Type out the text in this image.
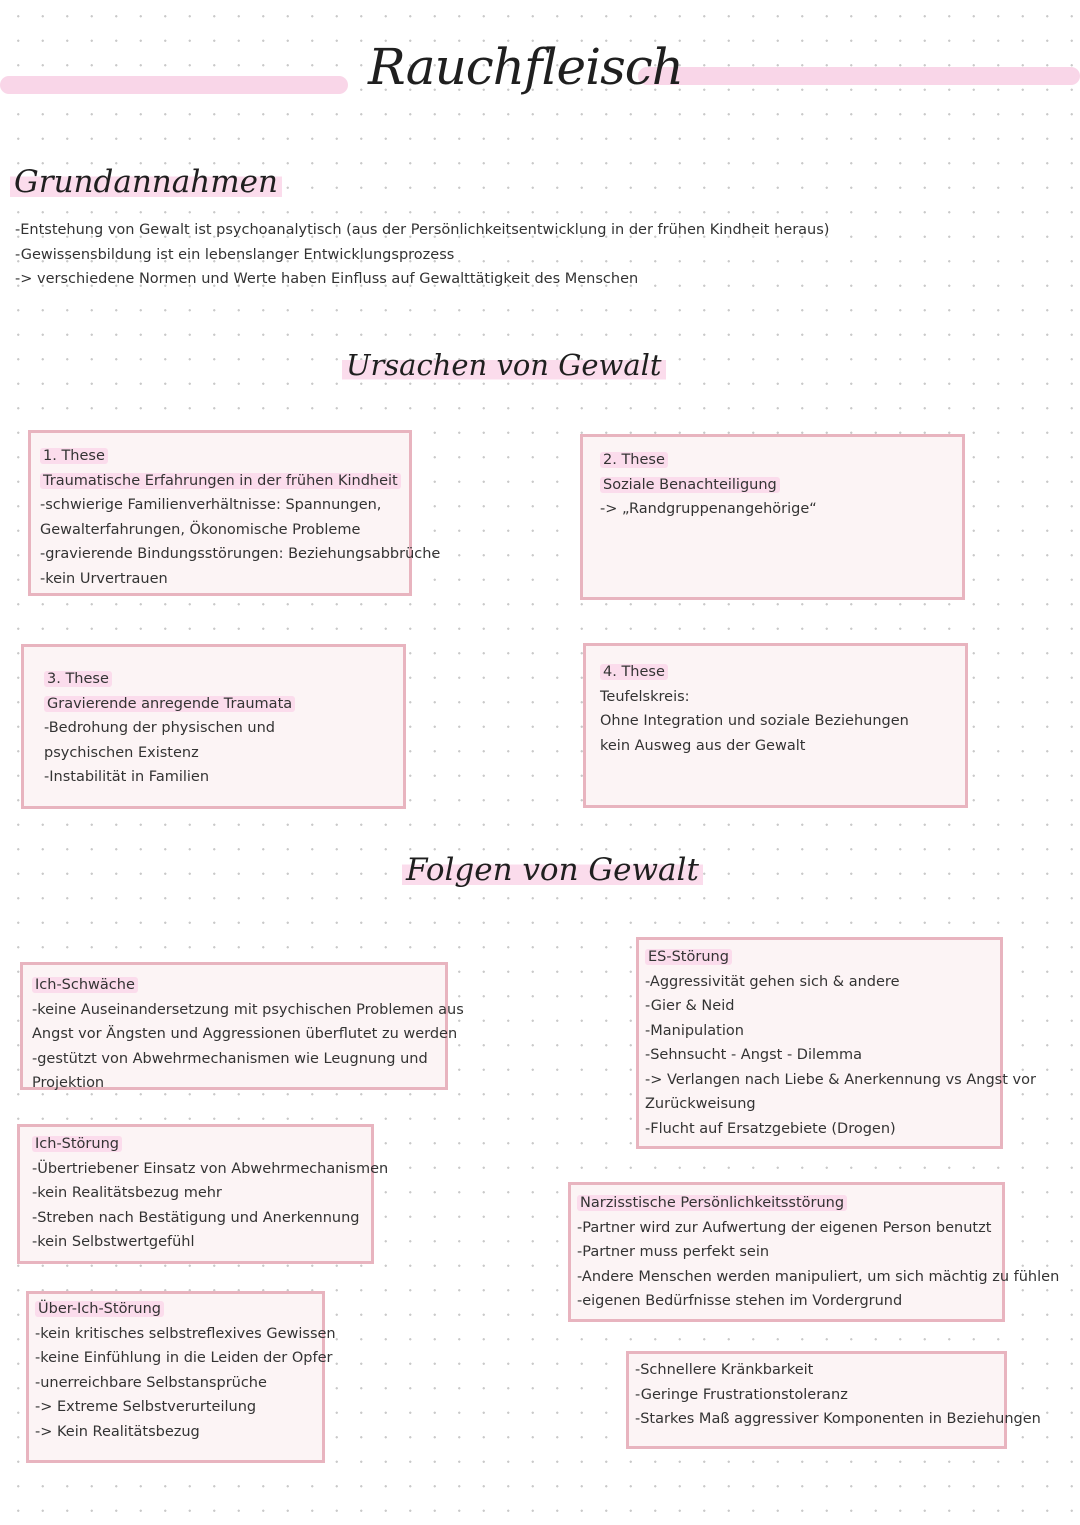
Rauchfleisch
Grundannahmen

-Entstehung von Gewalt ist psychoanalytisch (aus der Persönlichkeitsentwicklung in der frühen Kindheit heraus)

-Gewissensbildung ist ein lebenslanger Entwicklungsprozess

-> verschiedene Normen und Werte haben Einfluss auf Gewalttätigkeit des Menschen

Ursachen von Gewalt

1. These

Traumatische Erfahrungen in der frühen Kindheit

-schwierige Familienverhältnisse: Spannungen,

Gewalterfahrungen, Ökonomische Probleme

-gravierende Bindungsstörungen: Beziehungsabbrüche

-kein Urvertrauen

2. These

Soziale Benachteiligung

-> „Randgruppenangehörige“

3. These

Gravierende anregende Traumata

-Bedrohung der physischen und

psychischen Existenz

-Instabilität in Familien

4. These

Teufelskreis:

Ohne Integration und soziale Beziehungen

kein Ausweg aus der Gewalt

Folgen von Gewalt

Ich-Schwäche

-keine Auseinandersetzung mit psychischen Problemen aus

Angst vor Ängsten und Aggressionen überflutet zu werden

-gestützt von Abwehrmechanismen wie Leugnung und

Projektion

ES-Störung

-Aggressivität gehen sich & andere

-Gier & Neid

-Manipulation

-Sehnsucht - Angst - Dilemma

-> Verlangen nach Liebe & Anerkennung vs Angst vor

Zurückweisung

-Flucht auf Ersatzgebiete (Drogen)

Ich-Störung

-Übertriebener Einsatz von Abwehrmechanismen

-kein Realitätsbezug mehr

-Streben nach Bestätigung und Anerkennung

-kein Selbstwertgefühl

Narzisstische Persönlichkeitsstörung

-Partner wird zur Aufwertung der eigenen Person benutzt

-Partner muss perfekt sein

-Andere Menschen werden manipuliert, um sich mächtig zu fühlen

-eigenen Bedürfnisse stehen im Vordergrund

Über-Ich-Störung

-kein kritisches selbstreflexives Gewissen

-keine Einfühlung in die Leiden der Opfer

-unerreichbare Selbstansprüche

-> Extreme Selbstverurteilung

-> Kein Realitätsbezug

-Schnellere Kränkbarkeit

-Geringe Frustrationstoleranz

-Starkes Maß aggressiver Komponenten in Beziehungen
